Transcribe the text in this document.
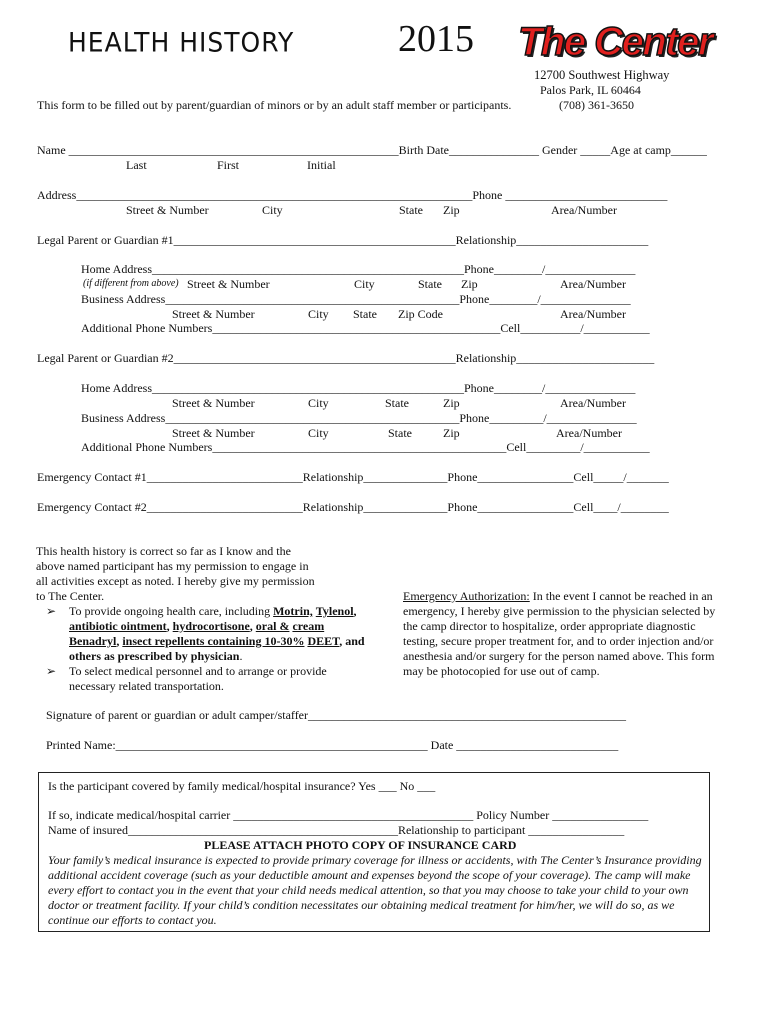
HEALTH HISTORY	2015 The Center
12700 Southwest Highway
Palos Park, IL 60464
(708) 361-3650
This form to be filled out by parent/guardian of minors or by an adult staff member or participants.
Name _______________________________________________________Birth Date_______________ Gender _____Age at camp______
Last	First	Initial
Address__________________________________________________________________Phone ___________________________
Street & Number	City	State Zip	Area/Number
Legal Parent or Guardian #1_______________________________________________Relationship______________________
Home Address____________________________________________________Phone________/_______________
(if different from above) Street & Number	City	State Zip	Area/Number
Business Address_________________________________________________Phone________/_______________
Street & Number	City State Zip Code	Area/Number
Additional Phone Numbers________________________________________________Cell__________/___________
Legal Parent or Guardian #2_______________________________________________Relationship_______________________
Home Address____________________________________________________Phone________/_______________
Street & Number	City	State	Zip	Area/Number
Business Address_________________________________________________Phone_________/_______________
Street & Number	City	State	Zip	Area/Number
Additional Phone Numbers_________________________________________________Cell_________/___________
Emergency Contact #1__________________________Relationship______________Phone________________Cell_____/_______
Emergency Contact #2__________________________Relationship______________Phone________________Cell____/________
This health history is correct so far as I know and the
above named participant has my permission to engage in
all activities except as noted. I hereby give my permission
to The Center.
➢ To provide ongoing health care, including Motrin, Tylenol, antibiotic ointment, hydrocortisone, oral & cream Benadryl, insect repellents containing 10-30% DEET, and others as prescribed by physician.
➢ To select medical personnel and to arrange or provide necessary related transportation.
Emergency Authorization: In the event I cannot be reached in an emergency, I hereby give permission to the physician selected by the camp director to hospitalize, order appropriate diagnostic testing, secure proper treatment for, and to order injection and/or anesthesia and/or surgery for the person named above. This form may be photocopied for use out of camp.
Signature of parent or guardian or adult camper/staffer_____________________________________________________
Printed Name:____________________________________________________ Date ___________________________
Is the participant covered by family medical/hospital insurance? Yes ___ No ___
If so, indicate medical/hospital carrier ________________________________________ Policy Number ________________
Name of insured_____________________________________________Relationship to participant ________________
PLEASE ATTACH PHOTO COPY OF INSURANCE CARD
Your family’s medical insurance is expected to provide primary coverage for illness or accidents, with The Center’s Insurance providing additional accident coverage (such as your deductible amount and expenses beyond the scope of your coverage). The camp will make every effort to contact you in the event that your child needs medical attention, so that you may choose to take your child to your own doctor or treatment facility. If your child’s condition necessitates our obtaining medical treatment for him/her, we will do so, as we continue our efforts to contact you.
